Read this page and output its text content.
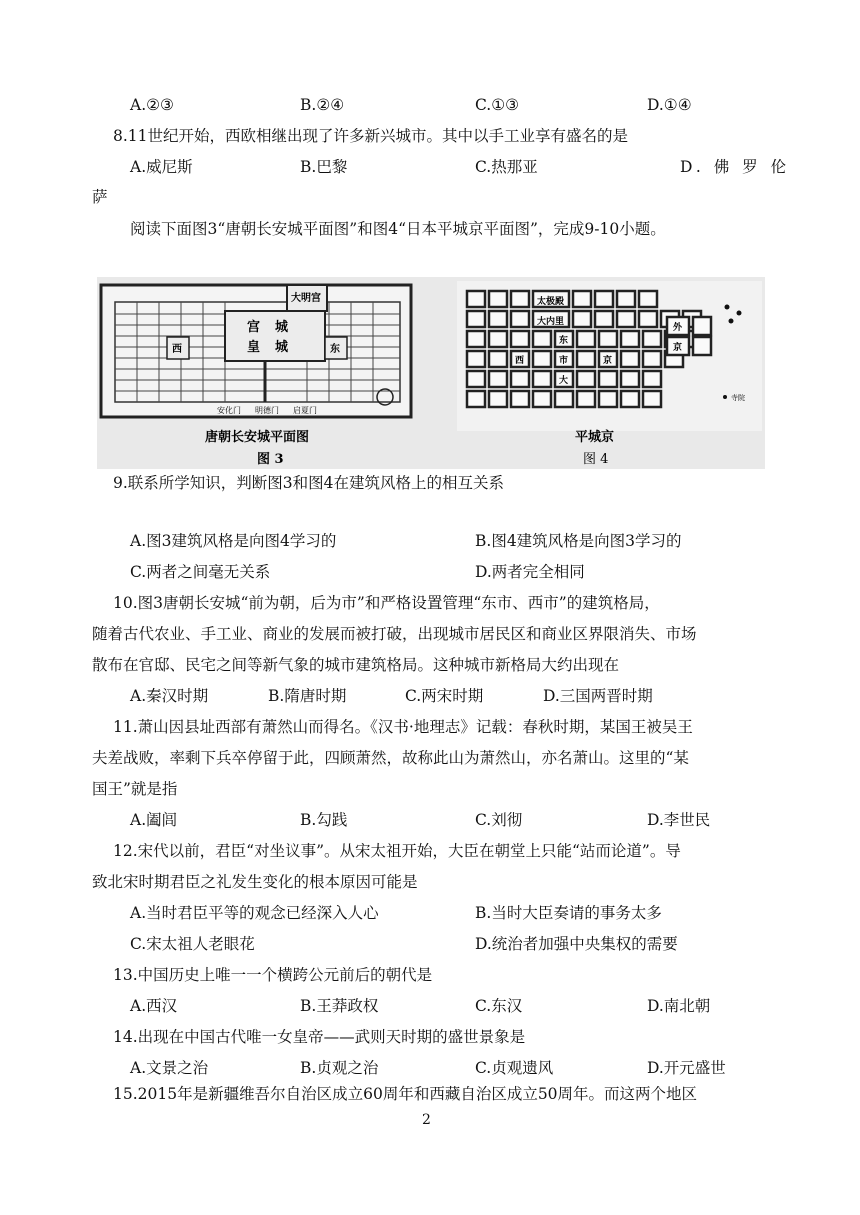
A.②③	B.②④	C.①③	D.①④
8.11世纪开始，西欧相继出现了许多新兴城市。其中以手工业享有盛名的是
A.威尼斯	B.巴黎	C.热那亚	D. 佛 罗 伦
萨
阅读下面图3“唐朝长安城平面图”和图4“日本平城京平面图”，完成9-10小题。
大明宫
宫 城
皇 城	东
西
安化门 明德门 启夏门
唐朝长安城平面图
图 3
太极殿
大内里
东
市
西	京
大
外
京
寺院
平城京
图 4
9.联系所学知识，判断图3和图4在建筑风格上的相互关系
A.图3建筑风格是向图4学习的	B.图4建筑风格是向图3学习的
C.两者之间毫无关系	D.两者完全相同
10.图3唐朝长安城“前为朝，后为市”和严格设置管理“东市、西市”的建筑格局，
随着古代农业、手工业、商业的发展而被打破，出现城市居民区和商业区界限消失、市场
散布在官邸、民宅之间等新气象的城市建筑格局。这种城市新格局大约出现在
A.秦汉时期	B.隋唐时期	C.两宋时期	D.三国两晋时期
11.萧山因县址西部有萧然山而得名。《汉书·地理志》记载：春秋时期，某国王被吴王
夫差战败，率剩下兵卒停留于此，四顾萧然，故称此山为萧然山，亦名萧山。这里的“某
国王”就是指
A.阖闾	B.勾践	C.刘彻	D.李世民
12.宋代以前，君臣“对坐议事”。从宋太祖开始，大臣在朝堂上只能“站而论道”。导
致北宋时期君臣之礼发生变化的根本原因可能是
A.当时君臣平等的观念已经深入人心	B.当时大臣奏请的事务太多
C.宋太祖人老眼花	D.统治者加强中央集权的需要
13.中国历史上唯一一个横跨公元前后的朝代是
A.西汉	B.王莽政权	C.东汉	D.南北朝
14.出现在中国古代唯一女皇帝——武则天时期的盛世景象是
A.文景之治	B.贞观之治	C.贞观遗风	D.开元盛世
15.2015年是新疆维吾尔自治区成立60周年和西藏自治区成立50周年。而这两个地区
2
